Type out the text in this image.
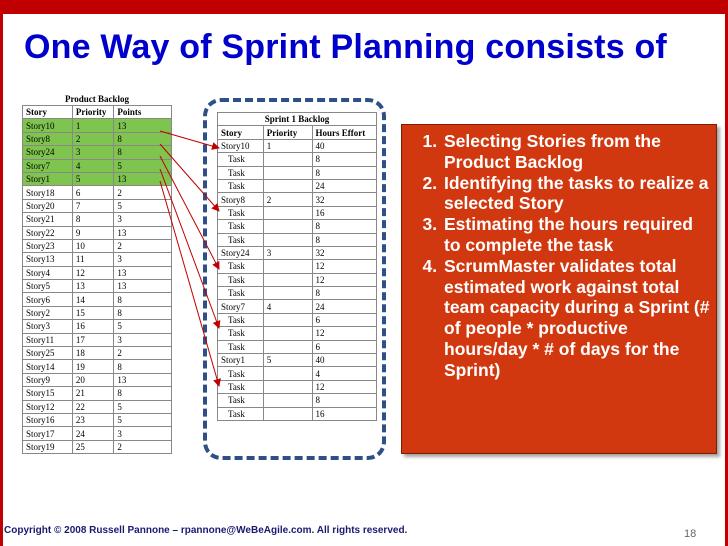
One Way of Sprint Planning consists of
Product Backlog		
Story	Priority	Points
Story10	1	13
Story8	2	8
Story24	3	8
Story7	4	5
Story1	5	13
Story18	6	2
Story20	7	5
Story21	8	3
Story22	9	13
Story23	10	2
Story13	11	3
Story4	12	13
Story5	13	13
Story6	14	8
Story2	15	8
Story3	16	5
Story11	17	3
Story25	18	2
Story14	19	8
Story9	20	13
Story15	21	8
Story12	22	5
Story16	23	5
Story17	24	3
Story19	25	2
Sprint 1 Backlog		
Story	Priority	Hours Effort
Story10	1	40
Task		8
Task		8
Task		24
Story8	2	32
Task		16
Task		8
Task		8
Story24	3	32
Task		12
Task		12
Task		8
Story7	4	24
Task		6
Task		12
Task		6
Story1	5	40
Task		4
Task		12
Task		8
Task		16
1. Selecting Stories from the Product Backlog
2. Identifying the tasks to realize a selected Story
3. Estimating the hours required to complete the task
4. ScrumMaster validates total estimated work against total team capacity during a Sprint (# of people * productive hours/day * # of days for the Sprint)
Copyright © 2008 Russell Pannone – rpannone@WeBeAgile.com. All rights reserved.	18
